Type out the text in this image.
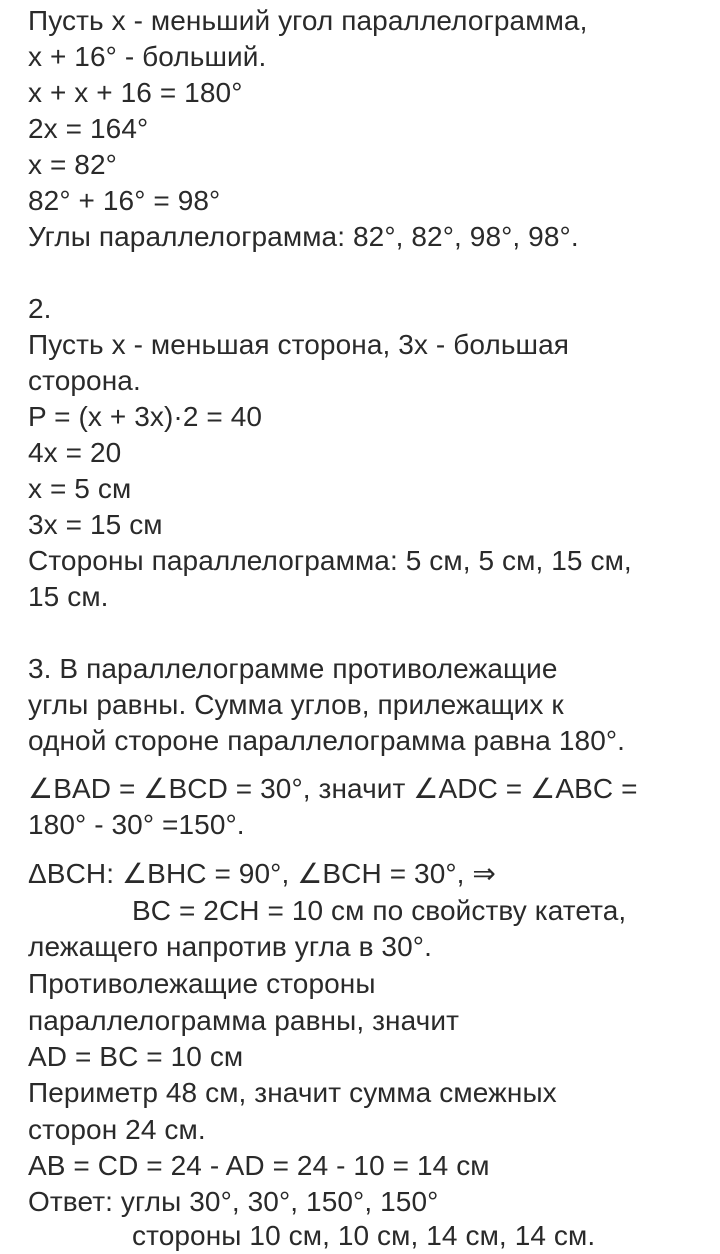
Пусть x - меньший угол параллелограмма,
x + 16° - больший.
x + x + 16 = 180°
2x = 164°
x = 82°
82° + 16° = 98°
Углы параллелограмма: 82°, 82°, 98°, 98°.
2.
Пусть x - меньшая сторона, 3x - большая
сторона.
P = (x + 3x)·2 = 40
4x = 20
x = 5 см
3x = 15 см
Стороны параллелограмма: 5 см, 5 см, 15 см,
15 см.
3. В параллелограмме противолежащие
углы равны. Сумма углов, прилежащих к
одной стороне параллелограмма равна 180°.
∠BAD = ∠BCD = 30°, значит ∠ADC = ∠ABC =
180° - 30° =150°.
ΔBCH: ∠BHC = 90°, ∠BCH = 30°, ⇒
BC = 2CH = 10 см по свойству катета,
лежащего напротив угла в 30°.
Противолежащие стороны
параллелограмма равны, значит
AD = BC = 10 см
Периметр 48 см, значит сумма смежных
сторон 24 см.
AB = CD = 24 - AD = 24 - 10 = 14 см
Ответ: углы 30°, 30°, 150°, 150°
стороны 10 см, 10 см, 14 см, 14 см.
